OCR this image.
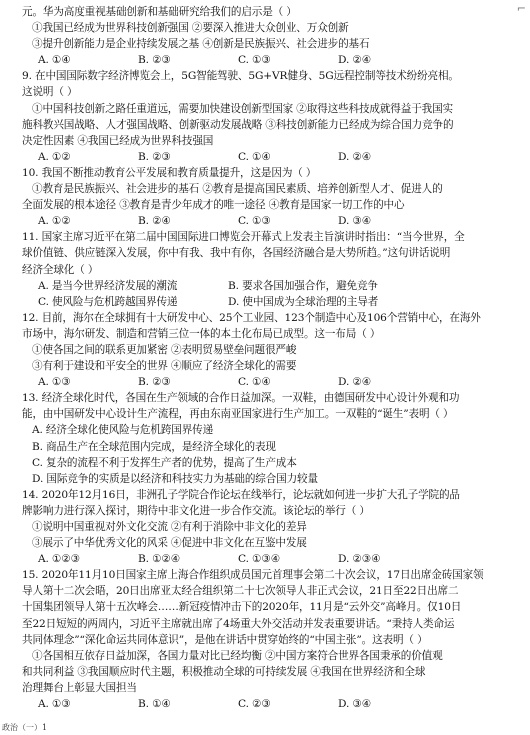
⌐
元。华为高度重视基础创新和基础研究给我们的启示是（ ）
①我国已经成为世界科技创新强国 ②要深入推进大众创业、万众创新
③提升创新能力是企业持续发展之基 ④创新是民族振兴、社会进步的基石
A. ①④	B. ②③	C. ①③	D. ②④
9. 在中国国际数字经济博览会上，5G智能驾驶、5G+VR健身、5G远程控制等技术纷纷亮相。
这说明（ ）
①中国科技创新之路任重道远，需要加快建设创新型国家 ②取得这些科技成就得益于我国实
施科教兴国战略、人才强国战略、创新驱动发展战略 ③科技创新能力已经成为综合国力竞争的
决定性因素 ④我国已经成为世界科技强国
A. ①②	B. ②③	C. ①④	D. ②④
10. 我国不断推动教育公平发展和教育质量提升，这是因为（ ）
①教育是民族振兴、社会进步的基石 ②教育是提高国民素质、培养创新型人才、促进人的
全面发展的根本途径 ③教育是青少年成才的唯一途径 ④教育是国家一切工作的中心
A. ①②	B. ②④	C. ①③	D. ③④
11. 国家主席习近平在第二届中国国际进口博览会开幕式上发表主旨演讲时指出：“当今世界，全
球价值链、供应链深入发展，你中有我、我中有你，各国经济融合是大势所趋。”这句讲话说明
经济全球化（ ）
A. 是当今世界经济发展的潮流	B. 要求各国加强合作，避免竞争
C. 使风险与危机跨越国界传递	D. 使中国成为全球治理的主导者
12. 目前，海尔在全球拥有十大研发中心、25个工业园、123个制造中心及106个营销中心，在海外
市场中，海尔研发、制造和营销三位一体的本土化布局已成型。这一布局（ ）
①使各国之间的联系更加紧密 ②表明贸易壁垒问题很严峻
③有利于建设和平安全的世界 ④顺应了经济全球化的需要
A. ①③	B. ②③	C. ①④	D. ②④
13. 经济全球化时代，各国在生产领域的合作日益加深。一双鞋，由德国研发中心设计外观和功
能，由中国研发中心设计生产流程，再由东南亚国家进行生产加工。一双鞋的“诞生”表明（ ）
A. 经济全球化使风险与危机跨国界传递
B. 商品生产在全球范围内完成，是经济全球化的表现
C. 复杂的流程不利于发挥生产者的优势，提高了生产成本
D. 国际竞争的实质是以经济和科技实力为基础的综合国力较量
14. 2020年12月16日，非洲孔子学院合作论坛在线举行，论坛就如何进一步扩大孔子学院的品
牌影响力进行深入探讨，期待中非文化进一步合作交流。该论坛的举行（ ）
①说明中国重视对外文化交流 ②有利于消除中非文化的差异
③展示了中华优秀文化的风采 ④促进中非文化在互鉴中发展
A. ①②③	B. ①②④	C. ①③④	D. ②③④
15. 2020年11月10日国家主席上海合作组织成员国元首理事会第二十次会议，17日出席金砖国家领
导人第十二次会晤，20日出席亚太经合组织第二十七次领导人非正式会议，21日至22日出席二
十国集团领导人第十五次峰会……新冠疫情冲击下的2020年，11月是“云外交”高峰月。仅10日
至22日短短的两周内，习近平主席就出席了4场重大外交活动并发表重要讲话。“秉持人类命运
共同体理念”“深化命运共同体意识”，是他在讲话中贯穿始终的“中国主张”。这表明（ ）
①各国相互依存日益加深，各国力量对比已经均衡 ②中国方案符合世界各国秉承的价值观
和共同利益 ③我国顺应时代主题，积极推动全球的可持续发展 ④我国在世界经济和全球
治理舞台上彰显大国担当
A. ①③	B. ①④	C. ②③	D. ③④
政治（一）1
